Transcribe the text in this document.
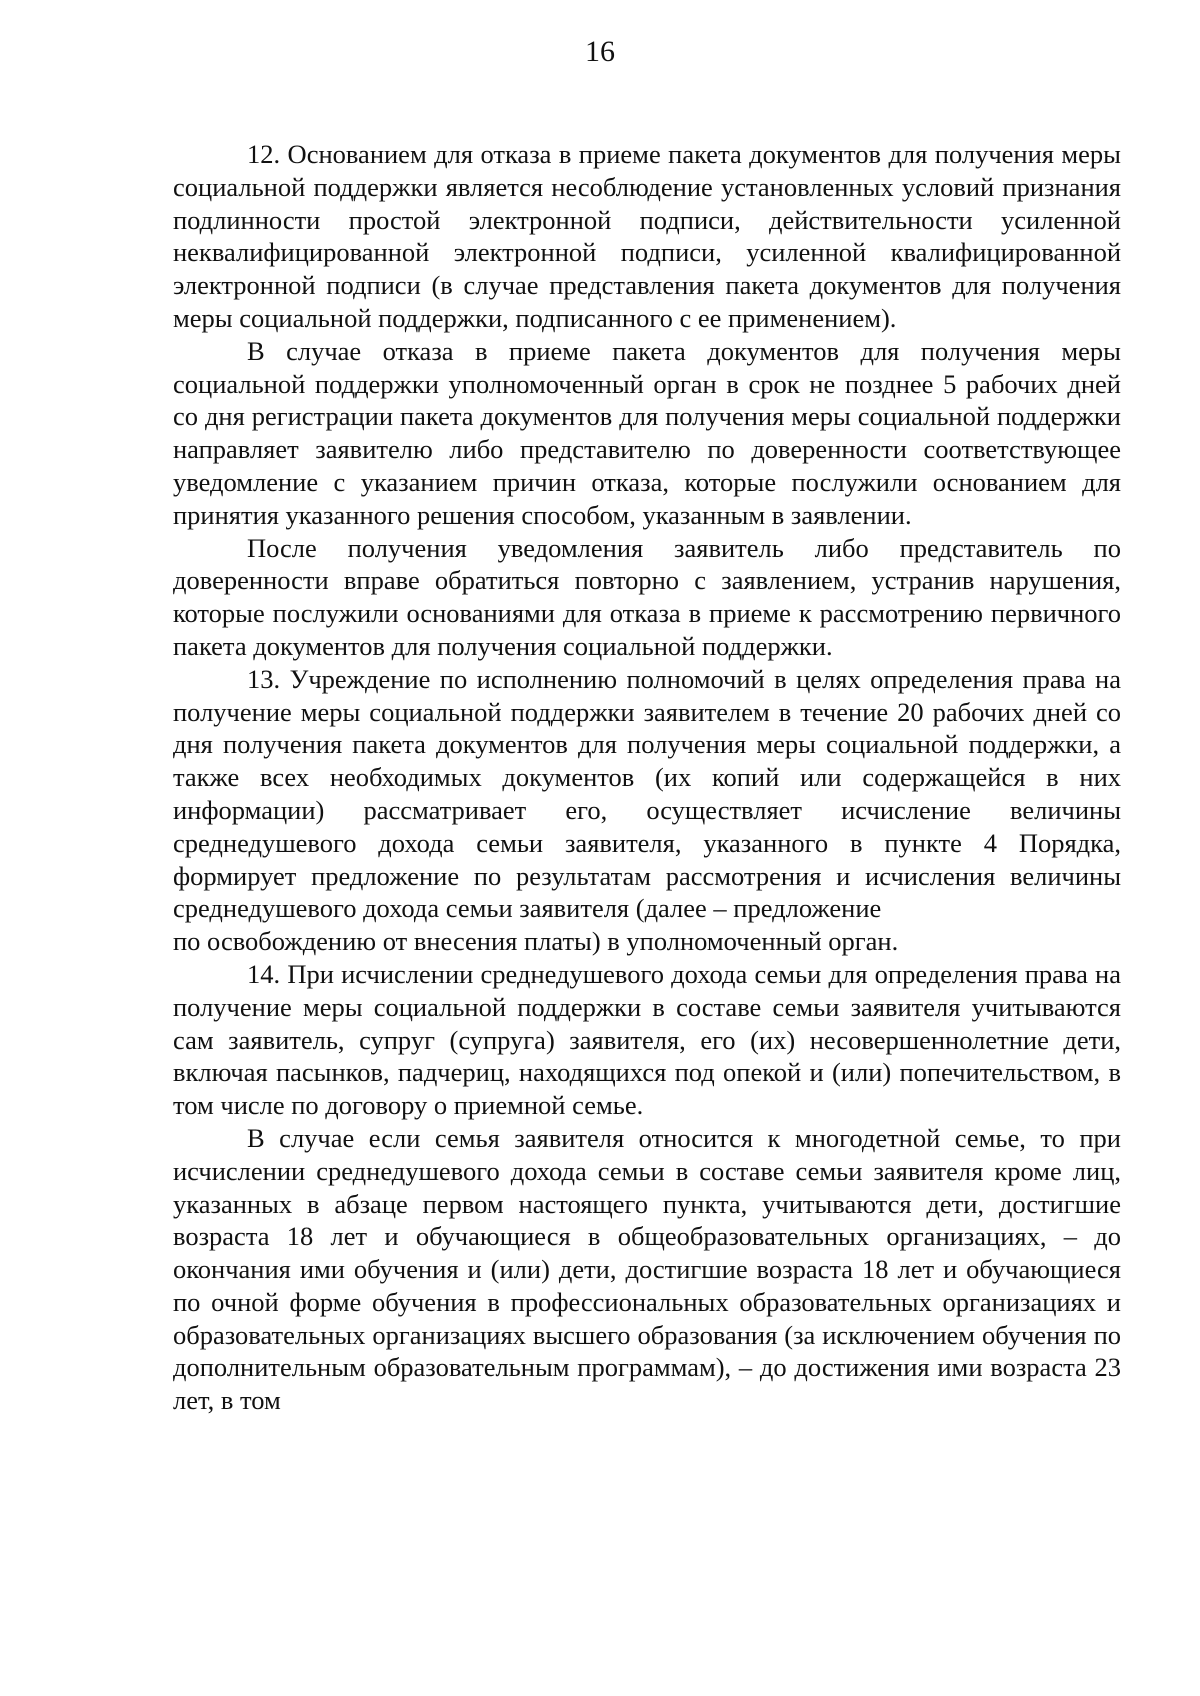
16

12. Основанием для отказа в приеме пакета документов для получения меры социальной поддержки является несоблюдение установленных условий признания подлинности простой электронной подписи, действительности усиленной неквалифицированной электронной подписи, усиленной квалифицированной электронной подписи (в случае представления пакета документов для получения меры социальной поддержки, подписанного с ее применением).

В случае отказа в приеме пакета документов для получения меры социальной поддержки уполномоченный орган в срок не позднее 5 рабочих дней со дня регистрации пакета документов для получения меры социальной поддержки направляет заявителю либо представителю по доверенности соответствующее уведомление с указанием причин отказа, которые послужили основанием для принятия указанного решения способом, указанным в заявлении.

После получения уведомления заявитель либо представитель по доверенности вправе обратиться повторно с заявлением, устранив нарушения, которые послужили основаниями для отказа в приеме к рассмотрению первичного пакета документов для получения социальной поддержки.

13. Учреждение по исполнению полномочий в целях определения права на получение меры социальной поддержки заявителем в течение 20 рабочих дней со дня получения пакета документов для получения меры социальной поддержки, а также всех необходимых документов (их копий или содержащейся в них информации) рассматривает его, осуществляет исчисление величины среднедушевого дохода семьи заявителя, указанного в пункте 4 Порядка, формирует предложение по результатам рассмотрения и исчисления величины среднедушевого дохода семьи заявителя (далее – предложение

по освобождению от внесения платы) в уполномоченный орган.

14. При исчислении среднедушевого дохода семьи для определения права на получение меры социальной поддержки в составе семьи заявителя учитываются сам заявитель, супруг (супруга) заявителя, его (их) несовершеннолетние дети, включая пасынков, падчериц, находящихся под опекой и (или) попечительством, в том числе по договору о приемной семье.

В случае если семья заявителя относится к многодетной семье, то при исчислении среднедушевого дохода семьи в составе семьи заявителя кроме лиц, указанных в абзаце первом настоящего пункта, учитываются дети, достигшие возраста 18 лет и обучающиеся в общеобразовательных организациях, – до окончания ими обучения и (или) дети, достигшие возраста 18 лет и обучающиеся по очной форме обучения в профессиональных образовательных организациях и образовательных организациях высшего образования (за исключением обучения по дополнительным образовательным программам), – до достижения ими возраста 23 лет, в том
